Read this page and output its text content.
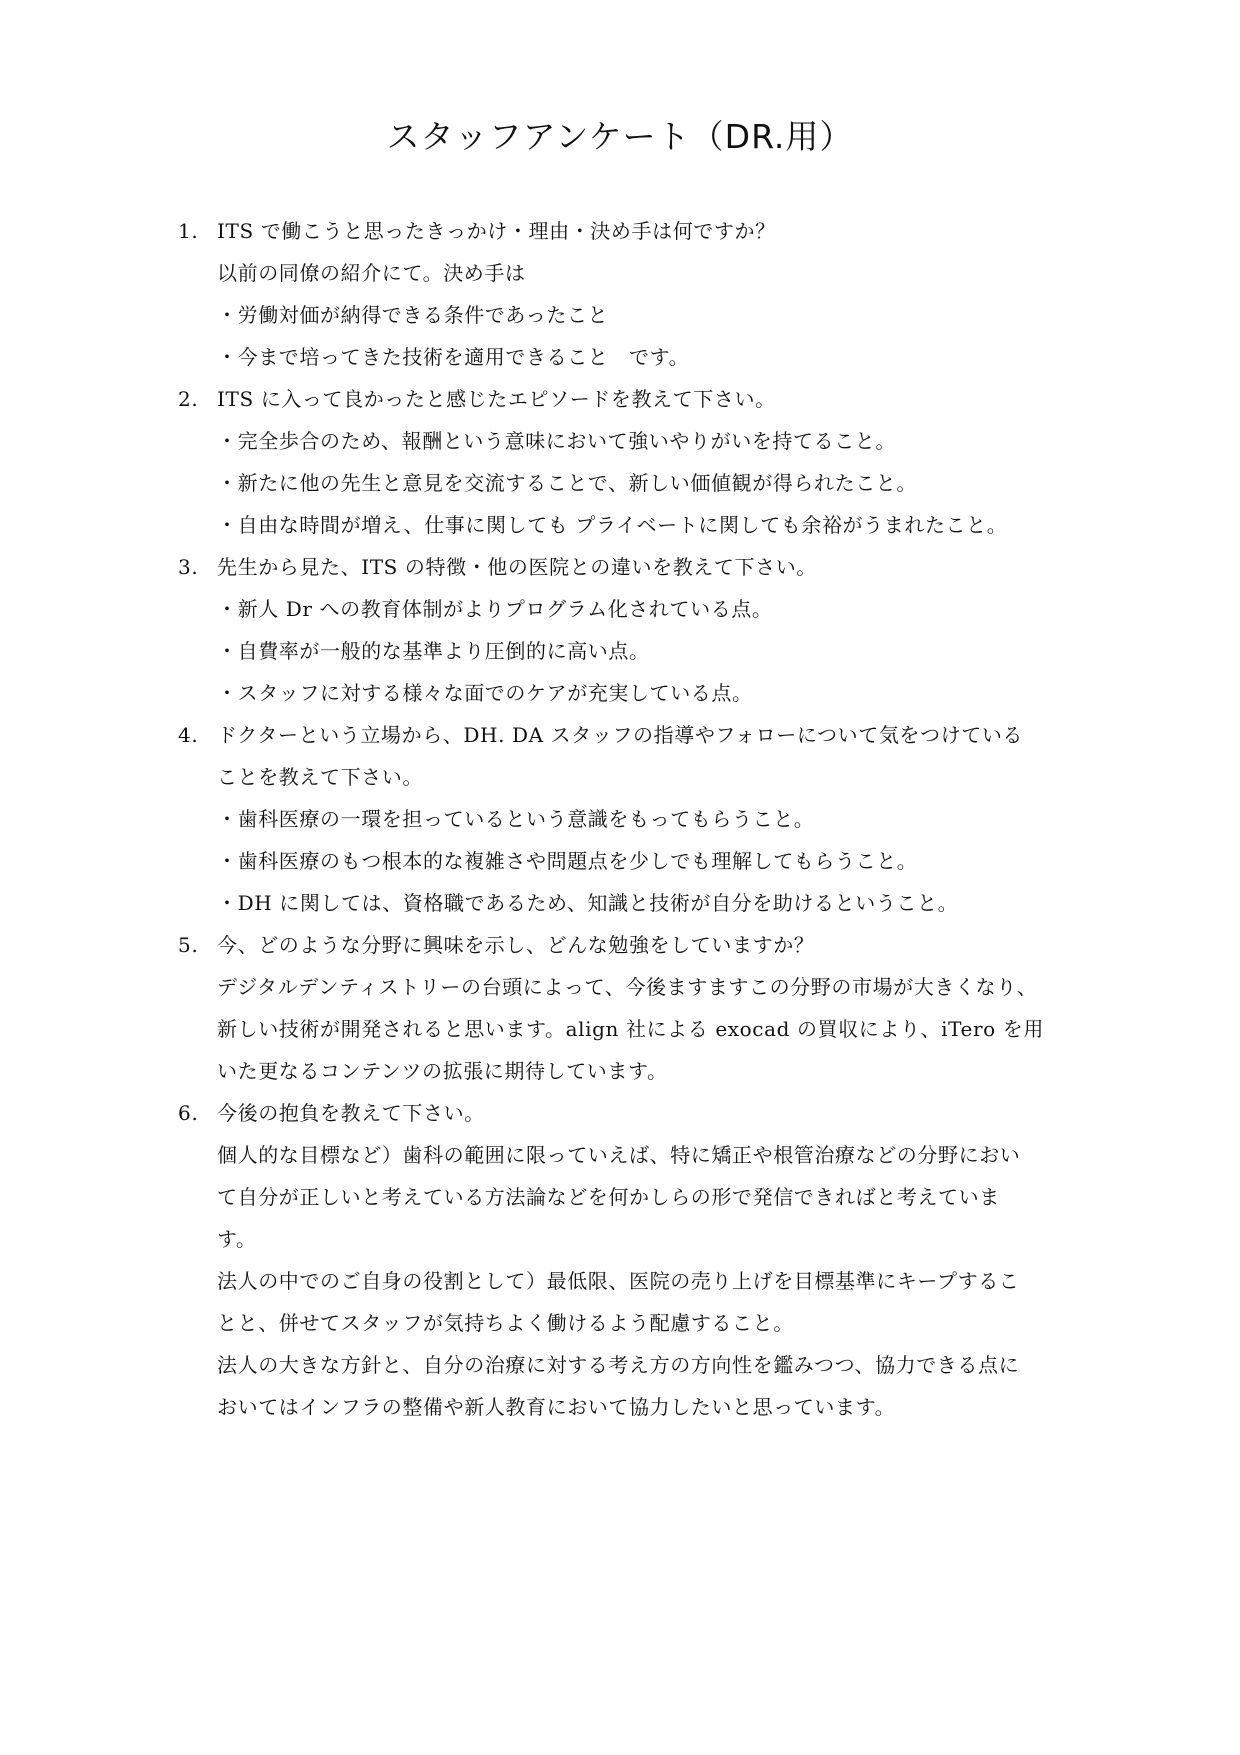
スタッフアンケート（DR.用）
1. ITS で働こうと思ったきっかけ・理由・決め手は何ですか？
以前の同僚の紹介にて。決め手は
・労働対価が納得できる条件であったこと
・今まで培ってきた技術を適用できること　です。
2. ITS に入って良かったと感じたエピソードを教えて下さい。
・完全歩合のため、報酬という意味において強いやりがいを持てること。
・新たに他の先生と意見を交流することで、新しい価値観が得られたこと。
・自由な時間が増え、仕事に関しても プライベートに関しても余裕がうまれたこと。
3. 先生から見た、ITS の特徴・他の医院との違いを教えて下さい。
・新人 Dr への教育体制がよりプログラム化されている点。
・自費率が一般的な基準より圧倒的に高い点。
・スタッフに対する様々な面でのケアが充実している点。
4. ドクターという立場から、DH. DA スタッフの指導やフォローについて気をつけている
ことを教えて下さい。
・歯科医療の一環を担っているという意識をもってもらうこと。
・歯科医療のもつ根本的な複雑さや問題点を少しでも理解してもらうこと。
・DH に関しては、資格職であるため、知識と技術が自分を助けるということ。
5. 今、どのような分野に興味を示し、どんな勉強をしていますか？
デジタルデンティストリーの台頭によって、今後ますますこの分野の市場が大きくなり、
新しい技術が開発されると思います。align 社による exocad の買収により、iTero を用
いた更なるコンテンツの拡張に期待しています。
6. 今後の抱負を教えて下さい。
個人的な目標など）歯科の範囲に限っていえば、特に矯正や根管治療などの分野におい
て自分が正しいと考えている方法論などを何かしらの形で発信できればと考えていま
す。
法人の中でのご自身の役割として）最低限、医院の売り上げを目標基準にキープするこ
とと、併せてスタッフが気持ちよく働けるよう配慮すること。
法人の大きな方針と、自分の治療に対する考え方の方向性を鑑みつつ、協力できる点に
おいてはインフラの整備や新人教育において協力したいと思っています。
